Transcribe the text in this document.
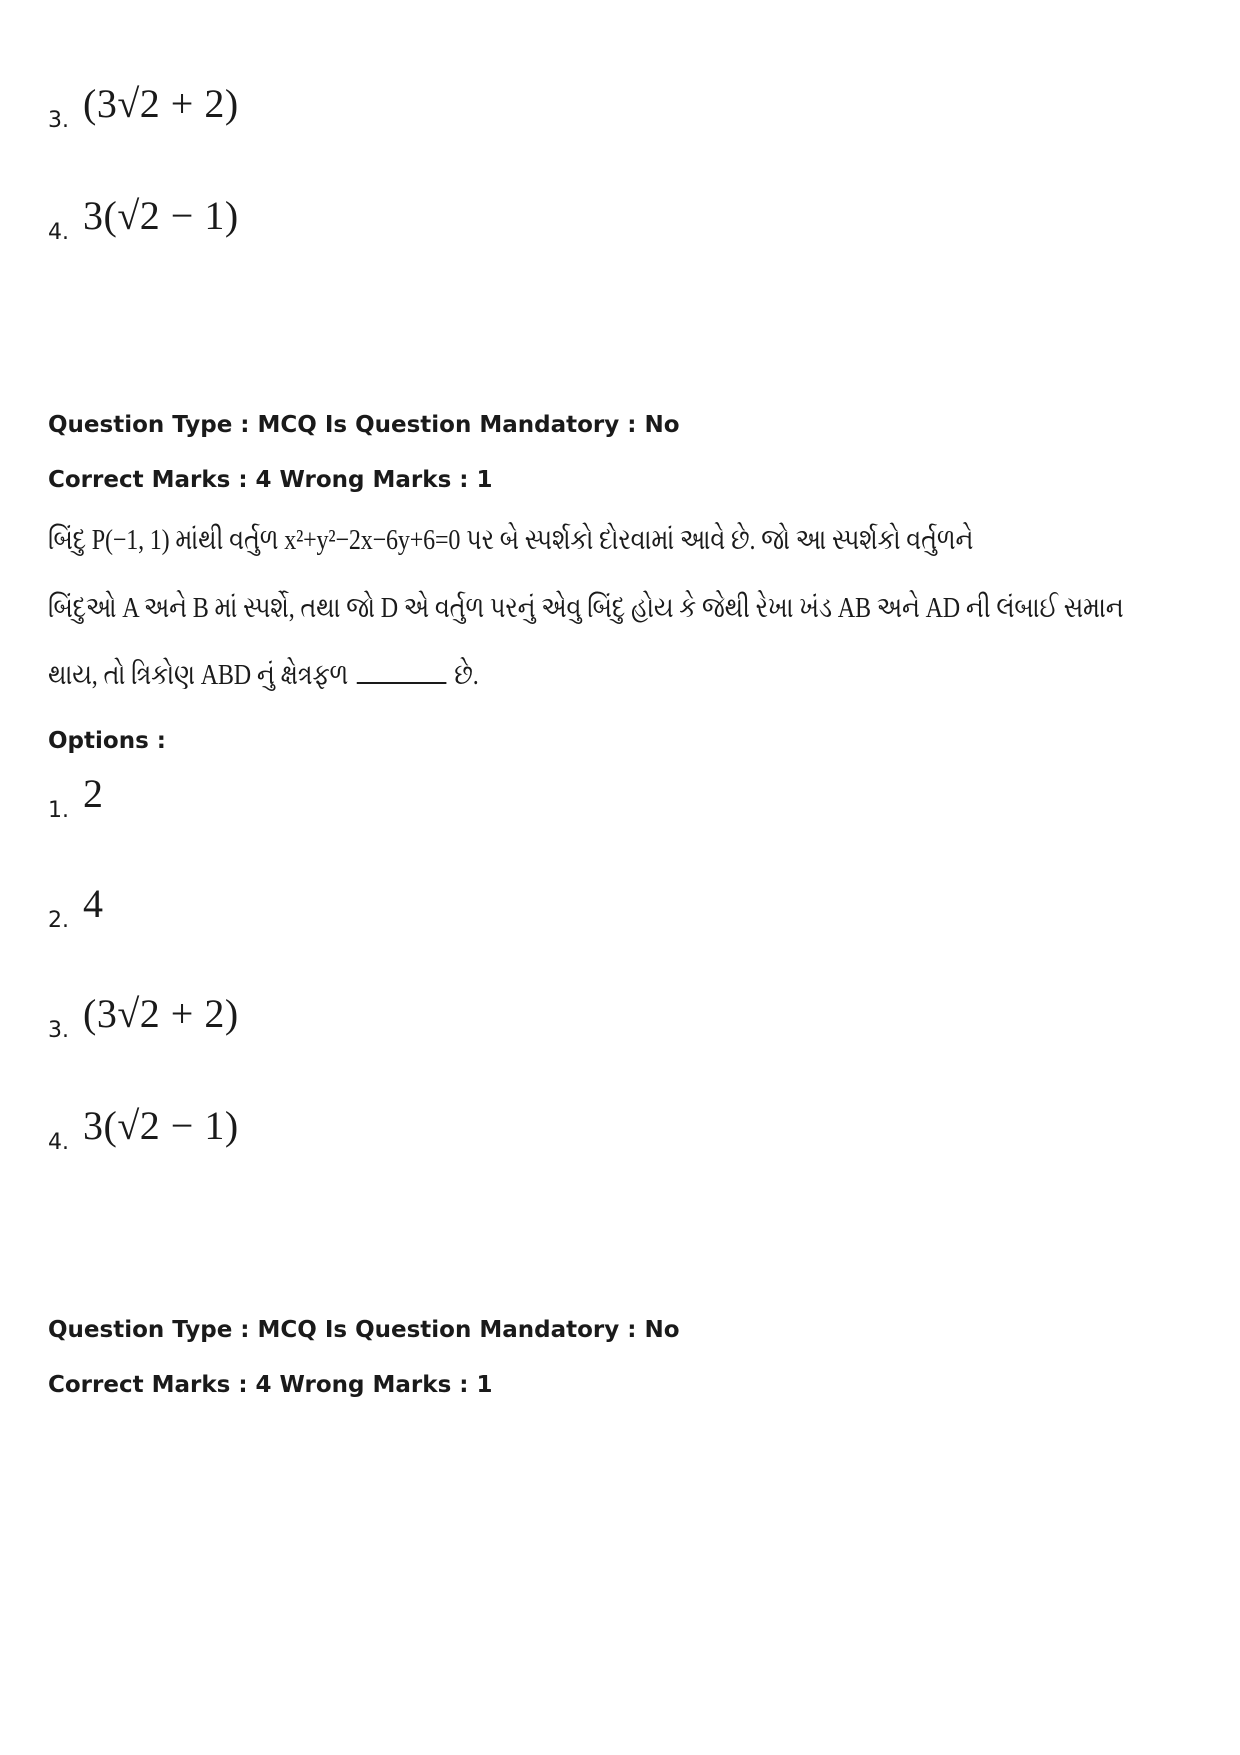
3. (3√2 + 2)
4. 3(√2 − 1)
Question Type : MCQ Is Question Mandatory : No
Correct Marks : 4 Wrong Marks : 1
બિંદુ P(−1, 1) માંથી વર્તુળ x²+y²−2x−6y+6=0 પર બે સ્પર્શકો દોરવામાં આવે છે. જો આ સ્પર્શકો વર્તુળને
બિંદુઓ A અને B માં સ્પર્શે, તથા જો D એ વર્તુળ પરનું એવુ બિંદુ હોય કે જેથી રેખા ખંડ AB અને AD ની લંબાઈ સમાન
થાય, તો ત્રિકોણ ABD નું ક્ષેત્રફળ	છે.
Options :
1. 2
2. 4
3. (3√2 + 2)
4. 3(√2 − 1)
Question Type : MCQ Is Question Mandatory : No
Correct Marks : 4 Wrong Marks : 1
